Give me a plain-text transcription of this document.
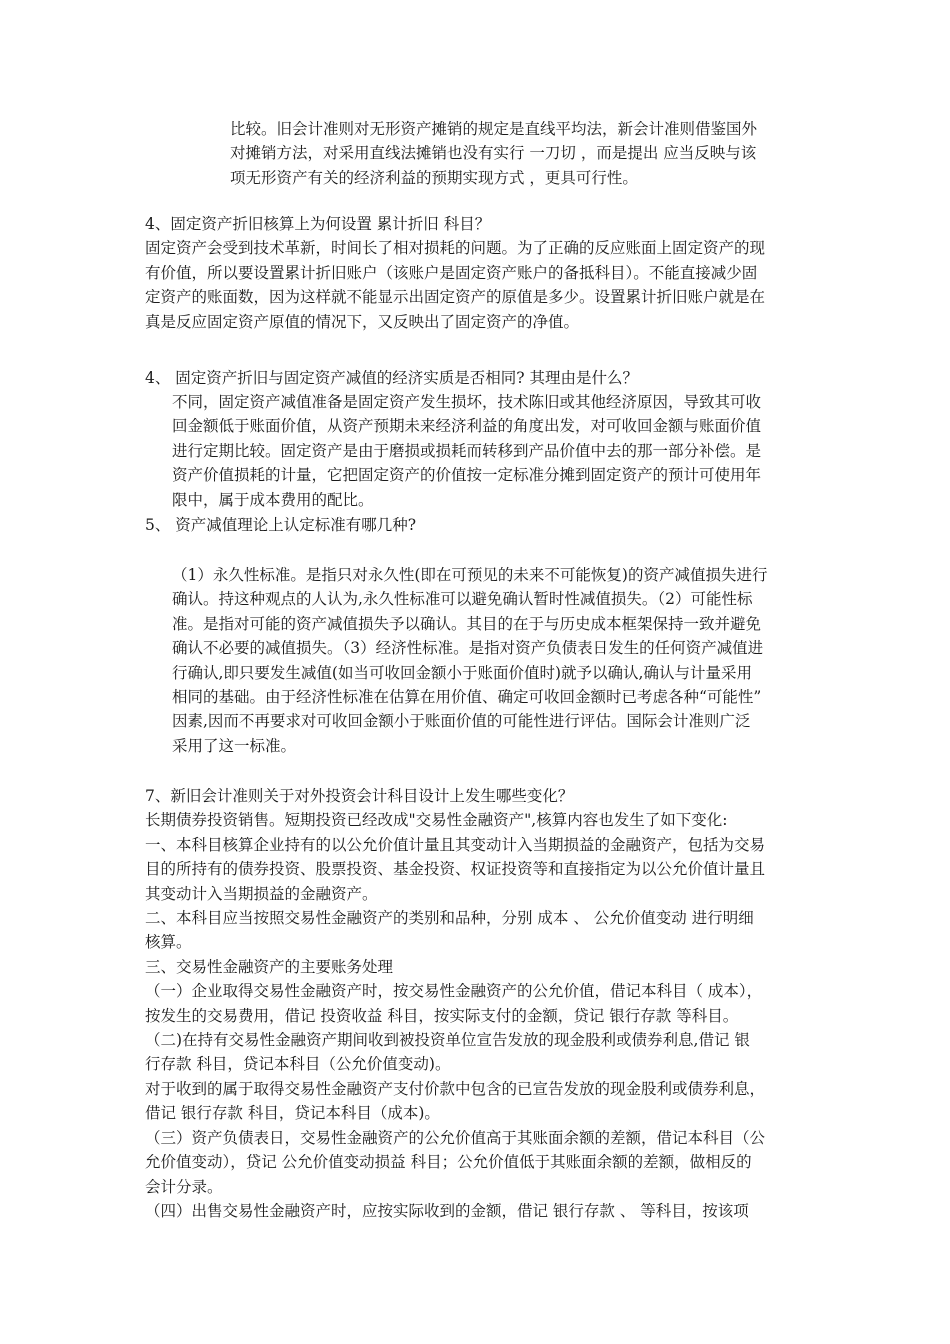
比较。旧会计准则对无形资产摊销的规定是直线平均法，新会计准则借鉴国外

对摊销方法，对采用直线法摊销也没有实行 一刀切 ，而是提出 应当反映与该

项无形资产有关的经济利益的预期实现方式 ，更具可行性。

4、固定资产折旧核算上为何设置 累计折旧 科目？

固定资产会受到技术革新，时间长了相对损耗的问题。为了正确的反应账面上固定资产的现

有价值，所以要设置累计折旧账户（该账户是固定资产账户的备抵科目）。不能直接减少固

定资产的账面数，因为这样就不能显示出固定资产的原值是多少。设置累计折旧账户就是在

真是反应固定资产原值的情况下，又反映出了固定资产的净值。

4、 固定资产折旧与固定资产减值的经济实质是否相同? 其理由是什么？

不同，固定资产减值准备是固定资产发生损坏，技术陈旧或其他经济原因，导致其可收

回金额低于账面价值，从资产预期未来经济利益的角度出发，对可收回金额与账面价值

进行定期比较。固定资产是由于磨损或损耗而转移到产品价值中去的那一部分补偿。是

资产价值损耗的计量，它把固定资产的价值按一定标准分摊到固定资产的预计可使用年

限中，属于成本费用的配比。

5、 资产减值理论上认定标准有哪几种?

（1）永久性标准。是指只对永久性(即在可预见的未来不可能恢复)的资产减值损失进行

确认。持这种观点的人认为,永久性标准可以避免确认暂时性减值损失。（2）可能性标

准。是指对可能的资产减值损失予以确认。其目的在于与历史成本框架保持一致并避免

确认不必要的减值损失。（3）经济性标准。是指对资产负债表日发生的任何资产减值进

行确认,即只要发生减值(如当可收回金额小于账面价值时)就予以确认,确认与计量采用

相同的基础。由于经济性标准在估算在用价值、确定可收回金额时已考虑各种“可能性”

因素,因而不再要求对可收回金额小于账面价值的可能性进行评估。国际会计准则广泛

采用了这一标准。

7、新旧会计准则关于对外投资会计科目设计上发生哪些变化？

长期债券投资销售。短期投资已经改成"交易性金融资产",核算内容也发生了如下变化:

一、本科目核算企业持有的以公允价值计量且其变动计入当期损益的金融资产，包括为交易

目的所持有的债券投资、股票投资、基金投资、权证投资等和直接指定为以公允价值计量且

其变动计入当期损益的金融资产。

二、本科目应当按照交易性金融资产的类别和品种，分别 成本 、 公允价值变动 进行明细

核算。

三、交易性金融资产的主要账务处理

（一）企业取得交易性金融资产时，按交易性金融资产的公允价值，借记本科目（ 成本），

按发生的交易费用，借记 投资收益 科目，按实际支付的金额，贷记 银行存款 等科目。

（二)在持有交易性金融资产期间收到被投资单位宣告发放的现金股利或债券利息,借记 银

行存款 科目，贷记本科目（公允价值变动)。

对于收到的属于取得交易性金融资产支付价款中包含的已宣告发放的现金股利或债券利息，

借记 银行存款 科目，贷记本科目（成本)。

（三）资产负债表日，交易性金融资产的公允价值高于其账面余额的差额，借记本科目（公

允价值变动），贷记 公允价值变动损益 科目；公允价值低于其账面余额的差额，做相反的

会计分录。

（四）出售交易性金融资产时，应按实际收到的金额，借记 银行存款 、 等科目，按该项
